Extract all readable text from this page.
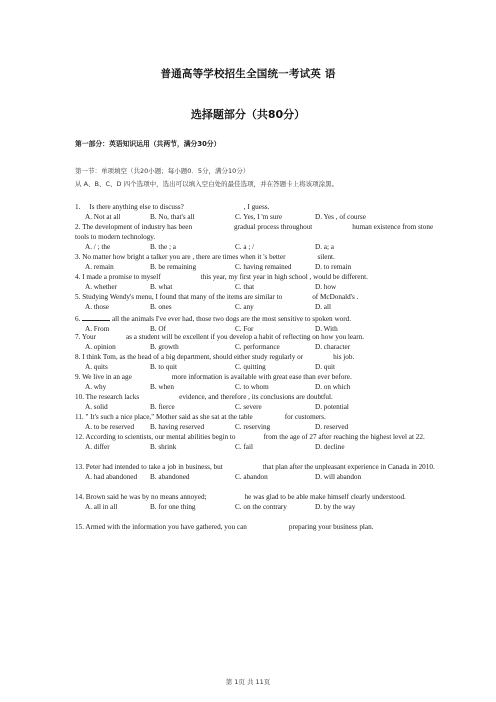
普通高等学校招生全国统一考试英 语
选择题部分（共80分）
第一部分：英语知识运用（共两节，满分30分）
第一节：单项填空（共20小题；每小题0．5分，满分10分）
从 A、B、C、D 四个选项中，选出可以填入空白处的最佳选项，并在答题卡上将该项涂黑。
1. Is there anything else to discuss?	, I guess.
A. Not at all	B. No, that's all	C. Yes, I 'm sure	D. Yes , of course
2. The development of industry has been	gradual process throughout	human existence from stone tools to modern technology.
A. / ; the	B. the ; a	C. a ; /	D. a; a
3. No matter how bright a talker you are , there are times when it 's better	silent.
A. remain	B. be remaining	C. having remained	D. to remain
4. I made a promise to myself	this year, my first year in high school , would be different.
A. whether	B. what	C. that	D. how
5. Studying Wendy's menu, I found that many of the items are similar to	of McDonald's .
A. those	B. ones	C. any	D. all
6.	all the animals I've ever had, those two dogs are the most sensitive to spoken word.
A. From	B. Of	C. For	D. With
7. Your	as a student will be excellent if you develop a habit of reflecting on how you learn.
A. opinion	B. growth	C. performance	D. character
8. I think Tom, as the head of a big department, should either study regularly or	his job.
A. quits	B. to quit	C. quitting	D. quit
9. We live in an age	more information is available with great ease than ever before.
A. why	B. when	C. to whom	D. on which
10. The research lacks	evidence, and therefore , its conclusions are doubtful.
A. solid	B. fierce	C. severe	D. potential
11. " It's such a nice place," Mother said as she sat at the table	for customers.
A. to be reserved B. having reserved	C. reserving	D. reserved
12. According to scientists, our mental abilities begin to	from the age of 27 after reaching the highest level at 22.
A. differ	B. shrink	C. fail	D. decline
13. Peter had intended to take a job in business, but	that plan after the unpleasant experience in Canada in 2010.
A. had abandoned B. abandoned	C. abandon	D. will abandon
14. Brown said he was by no means annoyed;	he was glad to be able make himself clearly understood.
A. all in all	B. for one thing	C. on the contrary	D. by the way
15. Armed with the information you have gathered, you can	preparing your business plan.
第 1页 共 11页
